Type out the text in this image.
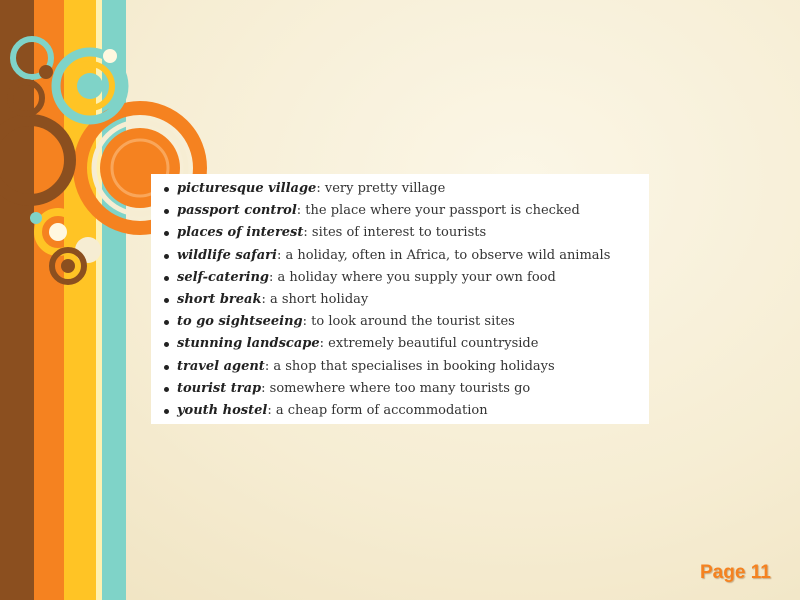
picturesque village: very pretty village
passport control: the place where your passport is checked
places of interest: sites of interest to tourists
wildlife safari: a holiday, often in Africa, to observe wild animals
self-catering: a holiday where you supply your own food
short break: a short holiday
to go sightseeing: to look around the tourist sites
stunning landscape: extremely beautiful countryside
travel agent: a shop that specialises in booking holidays
tourist trap: somewhere where too many tourists go
youth hostel: a cheap form of accommodation
Page 11
